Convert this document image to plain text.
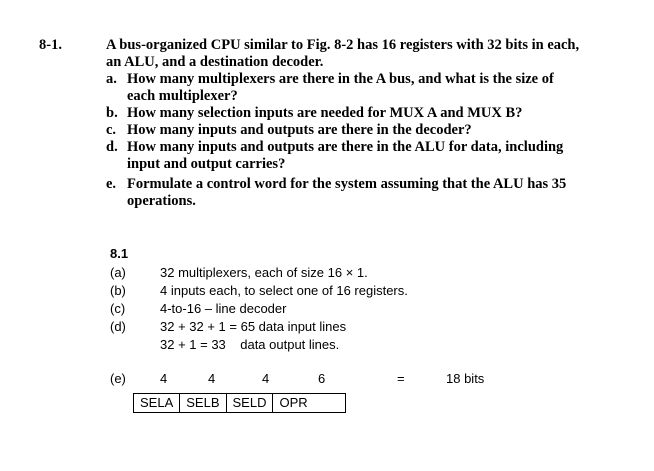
8-1.	A bus-organized CPU similar to Fig. 8-2 has 16 registers with 32 bits in each,
an ALU, and a destination decoder.
a. How many multiplexers are there in the A bus, and what is the size of
each multiplexer?
b. How many selection inputs are needed for MUX A and MUX B?
c. How many inputs and outputs are there in the decoder?
d. How many inputs and outputs are there in the ALU for data, including
input and output carries?
e. Formulate a control word for the system assuming that the ALU has 35
operations.
8.1
(a)	32 multiplexers, each of size 16 × 1.
(b)	4 inputs each, to select one of 16 registers.
(c)	4-to-16 – line decoder
(d)	32 + 32 + 1 = 65 data input lines
32 + 1 = 33    data output lines.
(e)	4	4	4	6	=	18 bits
SELA	SELB	SELD	OPR
